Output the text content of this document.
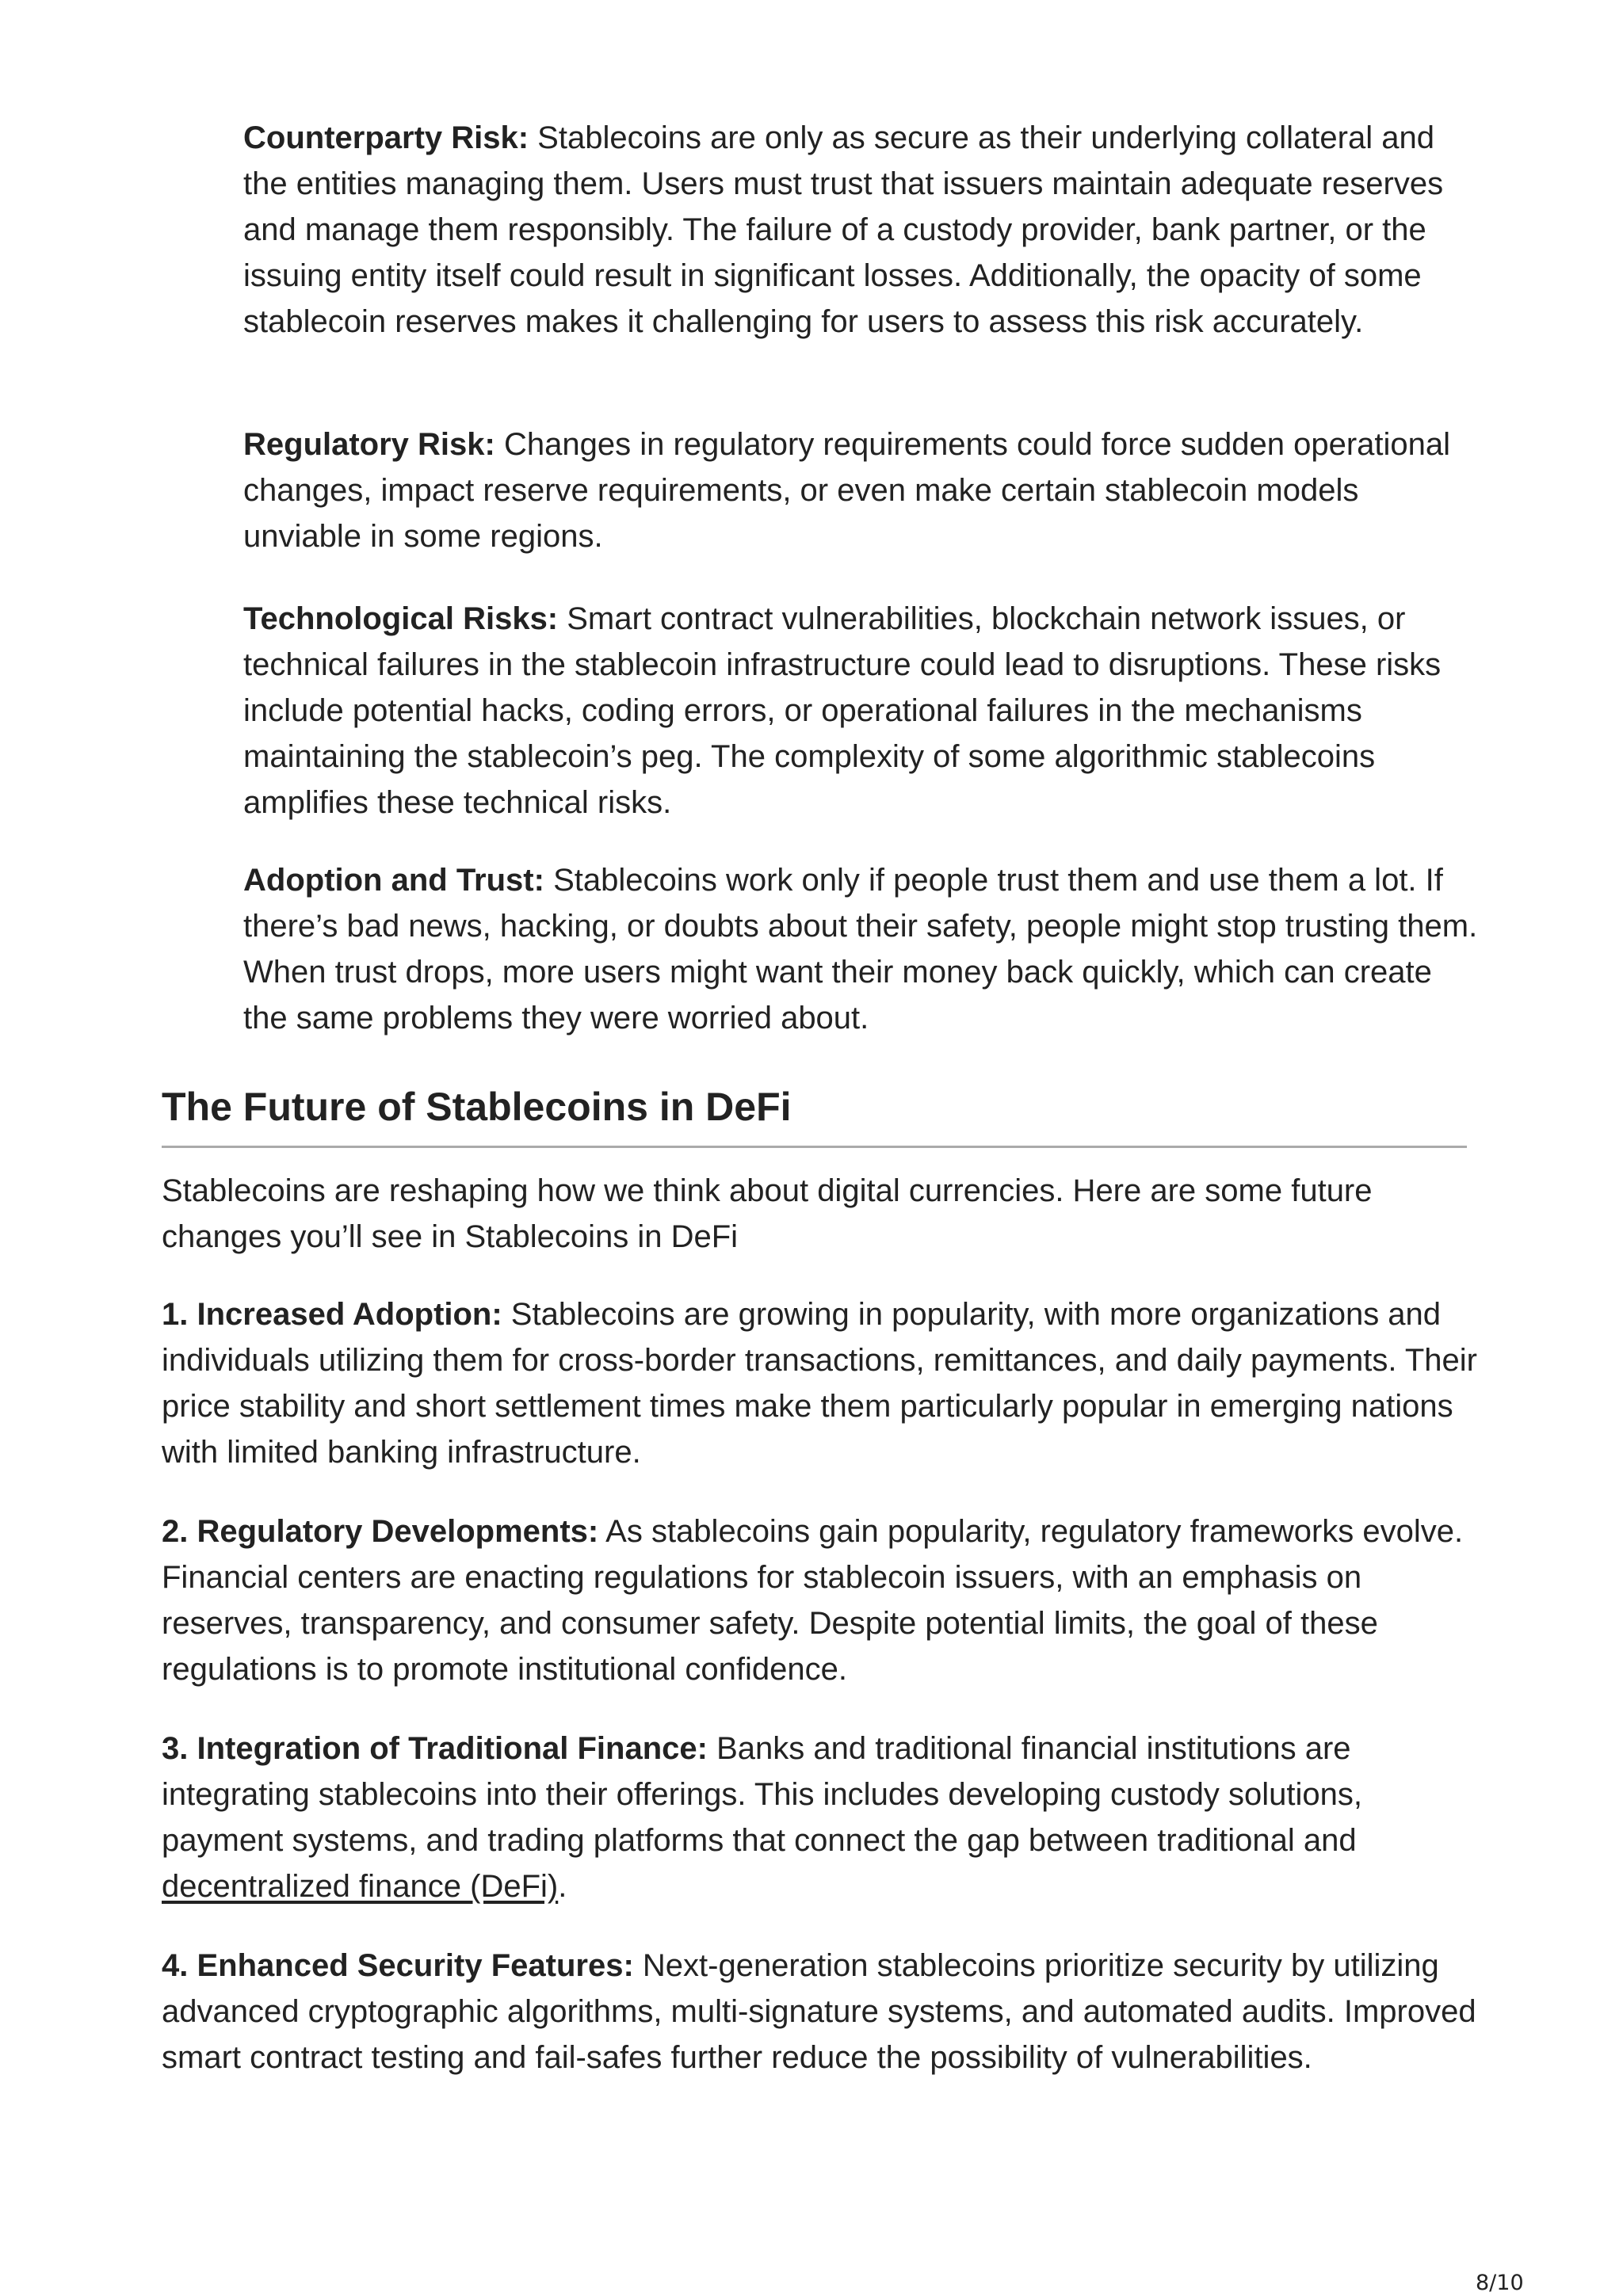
Counterparty Risk: Stablecoins are only as secure as their underlying collateral and the entities managing them. Users must trust that issuers maintain adequate reserves and manage them responsibly. The failure of a custody provider, bank partner, or the issuing entity itself could result in significant losses. Additionally, the opacity of some stablecoin reserves makes it challenging for users to assess this risk accurately.

Regulatory Risk: Changes in regulatory requirements could force sudden operational changes, impact reserve requirements, or even make certain stablecoin models unviable in some regions.

Technological Risks: Smart contract vulnerabilities, blockchain network issues, or technical failures in the stablecoin infrastructure could lead to disruptions. These risks include potential hacks, coding errors, or operational failures in the mechanisms maintaining the stablecoin’s peg. The complexity of some algorithmic stablecoins amplifies these technical risks.

Adoption and Trust: Stablecoins work only if people trust them and use them a lot. If there’s bad news, hacking, or doubts about their safety, people might stop trusting them. When trust drops, more users might want their money back quickly, which can create the same problems they were worried about.

The Future of Stablecoins in DeFi

Stablecoins are reshaping how we think about digital currencies. Here are some future changes you’ll see in Stablecoins in DeFi

1. Increased Adoption: Stablecoins are growing in popularity, with more organizations and individuals utilizing them for cross-border transactions, remittances, and daily payments. Their price stability and short settlement times make them particularly popular in emerging nations with limited banking infrastructure.

2. Regulatory Developments: As stablecoins gain popularity, regulatory frameworks evolve. Financial centers are enacting regulations for stablecoin issuers, with an emphasis on reserves, transparency, and consumer safety. Despite potential limits, the goal of these regulations is to promote institutional confidence.

3. Integration of Traditional Finance: Banks and traditional financial institutions are integrating stablecoins into their offerings. This includes developing custody solutions, payment systems, and trading platforms that connect the gap between traditional and decentralized finance (DeFi).

4. Enhanced Security Features: Next-generation stablecoins prioritize security by utilizing advanced cryptographic algorithms, multi-signature systems, and automated audits. Improved smart contract testing and fail-safes further reduce the possibility of vulnerabilities.

8/10
